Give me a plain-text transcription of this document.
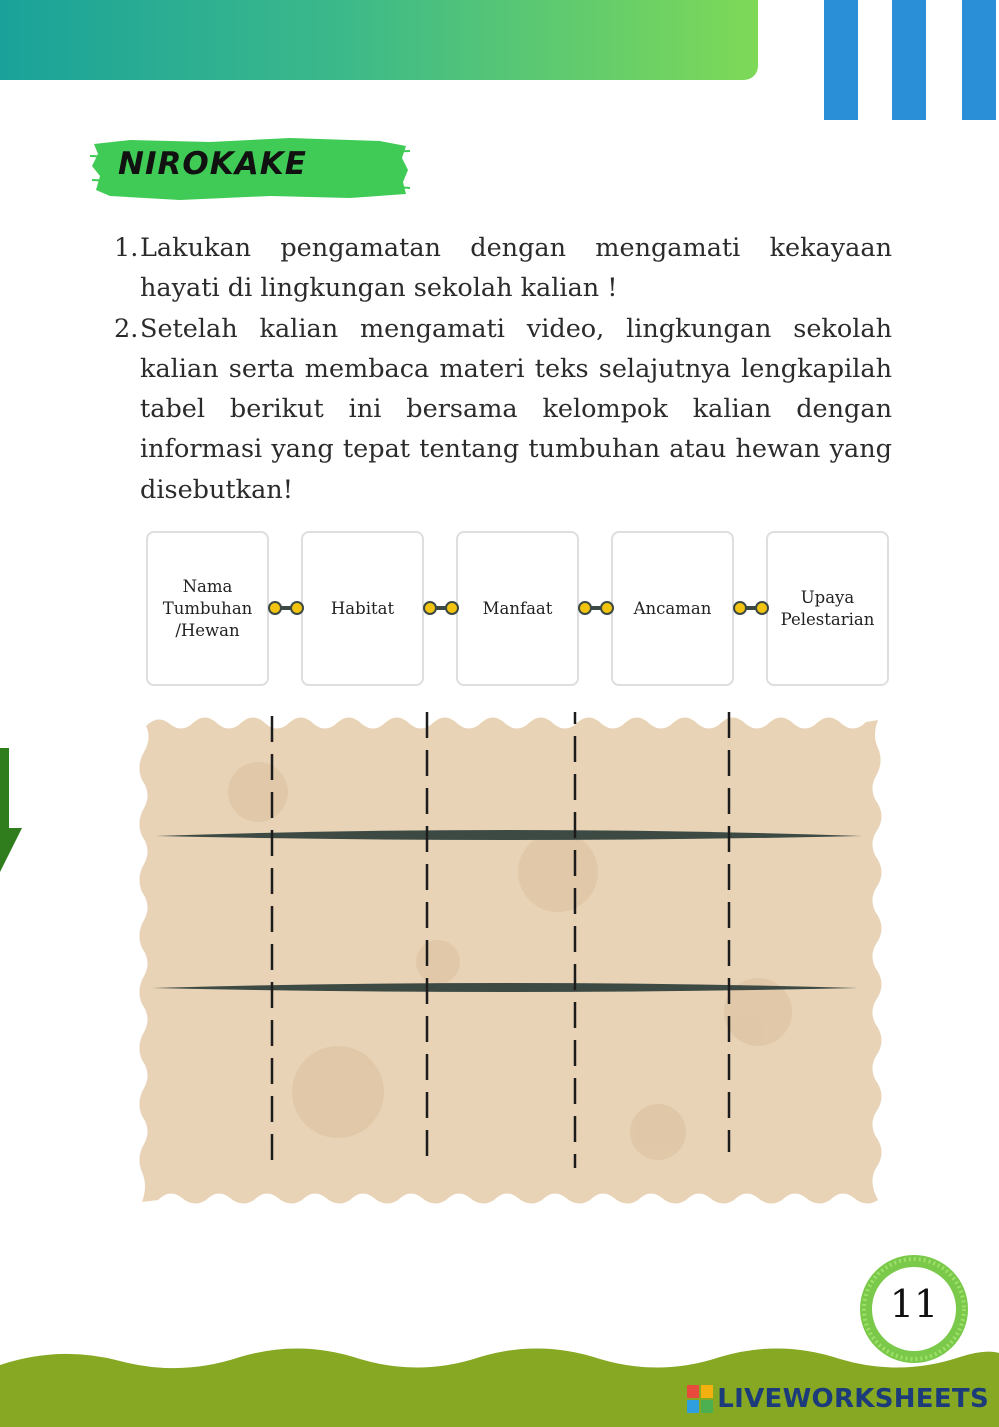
NIROKAKE
1. Lakukan pengamatan dengan mengamati kekayaan hayati di lingkungan sekolah kalian !
2. Setelah kalian mengamati video, lingkungan sekolah kalian serta membaca materi teks selajutnya lengkapilah tabel berikut ini bersama kelompok kalian dengan informasi yang tepat tentang tumbuhan atau hewan yang disebutkan!
Nama
Tumbuhan
/Hewan
Habitat	Manfaat	Ancaman
Upaya
Pelestarian
11
LIVEWORKSHEETS
